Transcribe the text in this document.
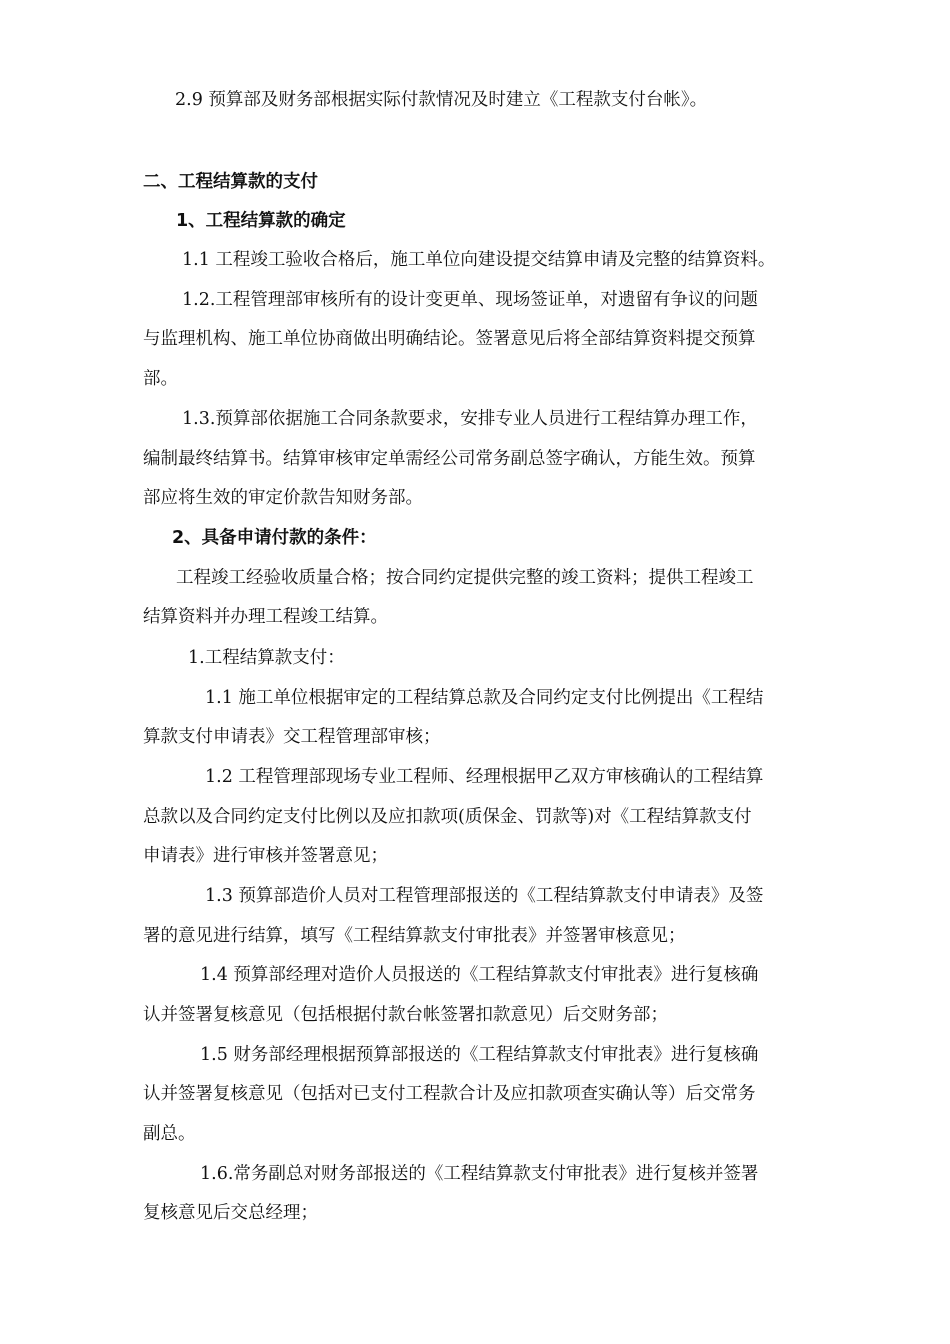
2.9 预算部及财务部根据实际付款情况及时建立《工程款支付台帐》。
二、工程结算款的支付
1、工程结算款的确定
1.1 工程竣工验收合格后，施工单位向建设提交结算申请及完整的结算资料。
1.2.工程管理部审核所有的设计变更单、现场签证单，对遗留有争议的问题
与监理机构、施工单位协商做出明确结论。签署意见后将全部结算资料提交预算
部。
1.3.预算部依据施工合同条款要求，安排专业人员进行工程结算办理工作，
编制最终结算书。结算审核审定单需经公司常务副总签字确认，方能生效。预算
部应将生效的审定价款告知财务部。
2、具备申请付款的条件：
工程竣工经验收质量合格；按合同约定提供完整的竣工资料；提供工程竣工
结算资料并办理工程竣工结算。
1.工程结算款支付：
1.1 施工单位根据审定的工程结算总款及合同约定支付比例提出《工程结
算款支付申请表》交工程管理部审核；
1.2 工程管理部现场专业工程师、经理根据甲乙双方审核确认的工程结算
总款以及合同约定支付比例以及应扣款项(质保金、罚款等)对《工程结算款支付
申请表》进行审核并签署意见；
1.3 预算部造价人员对工程管理部报送的《工程结算款支付申请表》及签
署的意见进行结算，填写《工程结算款支付审批表》并签署审核意见；
1.4 预算部经理对造价人员报送的《工程结算款支付审批表》进行复核确
认并签署复核意见（包括根据付款台帐签署扣款意见）后交财务部；
1.5 财务部经理根据预算部报送的《工程结算款支付审批表》进行复核确
认并签署复核意见（包括对已支付工程款合计及应扣款项查实确认等）后交常务
副总。
1.6.常务副总对财务部报送的《工程结算款支付审批表》进行复核并签署
复核意见后交总经理；
